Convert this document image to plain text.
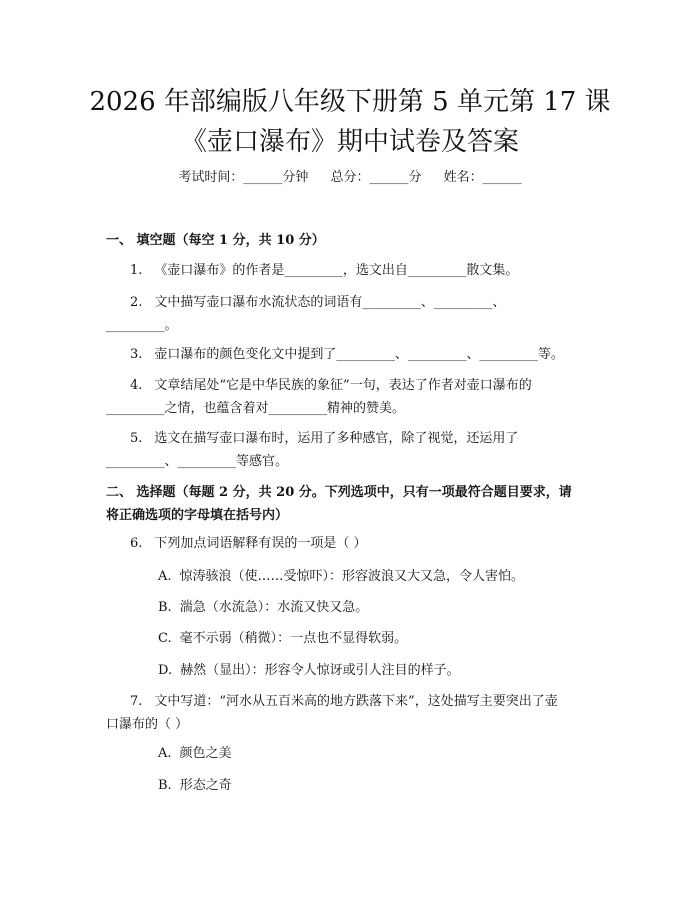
2026 年部编版八年级下册第 5 单元第 17 课
《壶口瀑布》期中试卷及答案
考试时间：______分钟 总分：______分 姓名：______
一、 填空题（每空 1 分，共 10 分）
1. 《壶口瀑布》的作者是_________，选文出自_________散文集。
2. 文中描写壶口瀑布水流状态的词语有_________、_________、
_________。
3. 壶口瀑布的颜色变化文中提到了_________、_________、_________等。
4. 文章结尾处“它是中华民族的象征”一句，表达了作者对壶口瀑布的
_________之情，也蕴含着对_________精神的赞美。
5. 选文在描写壶口瀑布时，运用了多种感官，除了视觉，还运用了
_________、_________等感官。
二、 选择题（每题 2 分，共 20 分。下列选项中，只有一项最符合题目要求，请
将正确选项的字母填在括号内）
6. 下列加点词语解释有误的一项是（ ）
A. 惊涛骇浪（使……受惊吓）：形容波浪又大又急，令人害怕。
B. 湍急（水流急）：水流又快又急。
C. 毫不示弱（稍微）：一点也不显得软弱。
D. 赫然（显出）：形容令人惊讶或引人注目的样子。
7. 文中写道：“河水从五百米高的地方跌落下来”，这处描写主要突出了壶
口瀑布的（ ）
A. 颜色之美
B. 形态之奇
